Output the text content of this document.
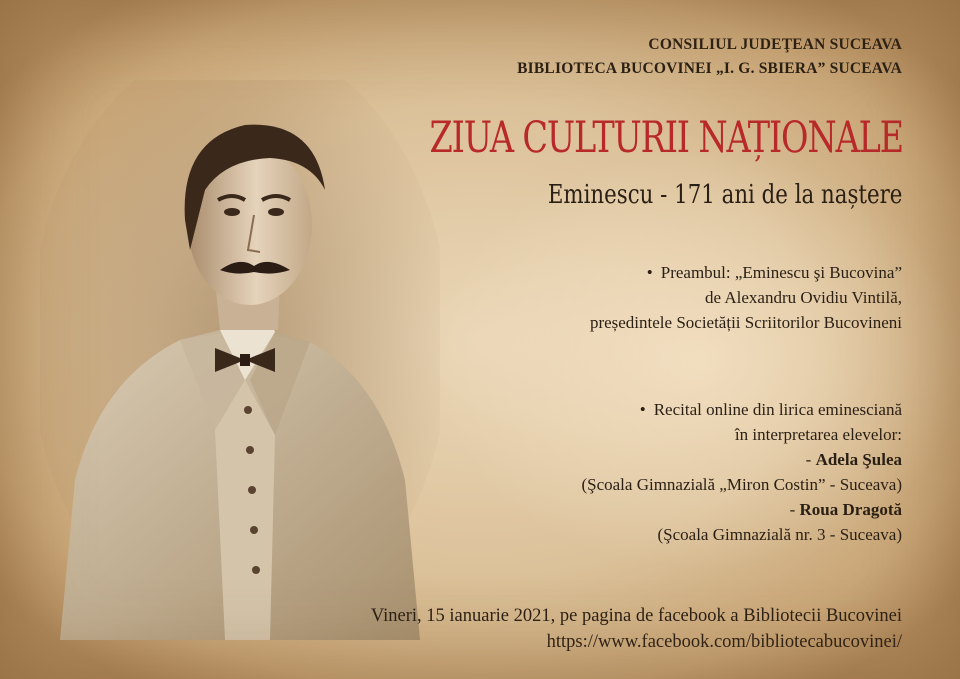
CONSILIUL JUDEŢEAN SUCEAVA
BIBLIOTECA BUCOVINEI „I. G. SBIERA” SUCEAVA
ZIUA CULTURII NAȚIONALE
Eminescu - 171 ani de la naștere

• Preambul: „Eminescu şi Bucovina”

de Alexandru Ovidiu Vintilă,

președintele Societății Scriitorilor Bucovineni

• Recital online din lirica eminesciană

în interpretarea elevelor:

- Adela Şulea

(Şcoala Gimnazială „Miron Costin” - Suceava)

- Roua Dragotă

(Şcoala Gimnazială nr. 3 - Suceava)

Vineri, 15 ianuarie 2021, pe pagina de facebook a Bibliotecii Bucovinei

https://www.facebook.com/bibliotecabucovinei/
